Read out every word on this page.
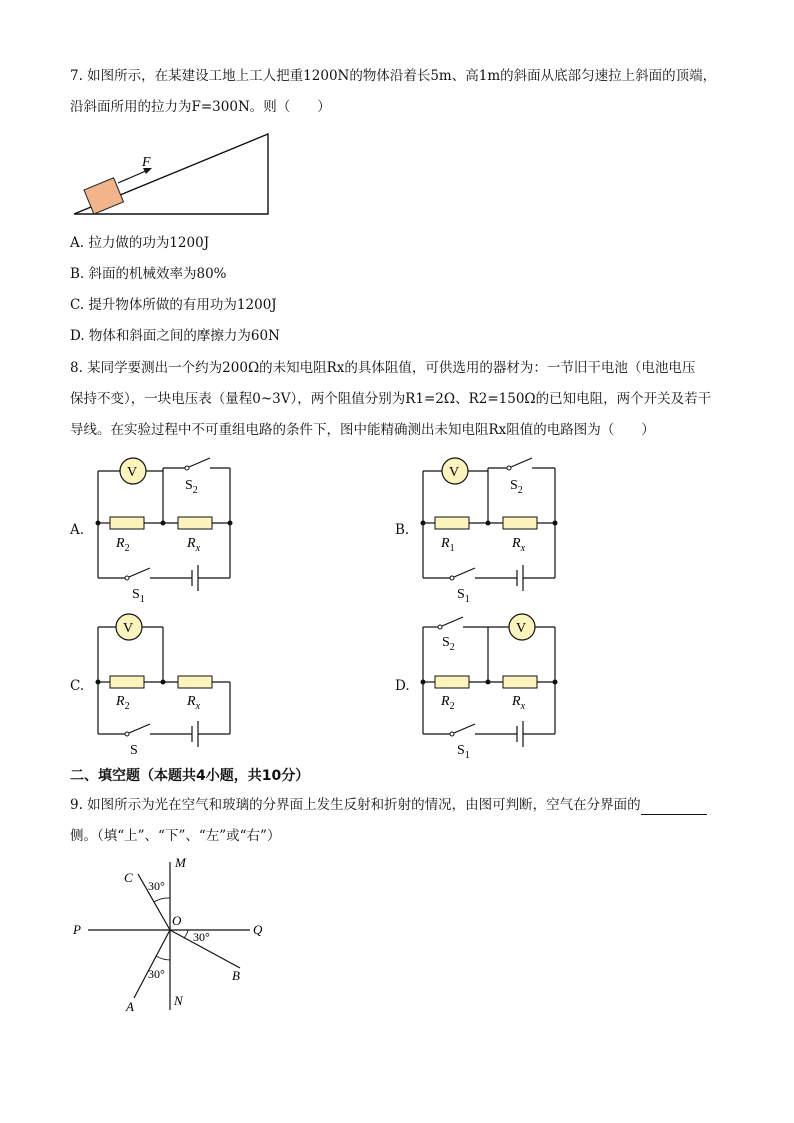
7. 如图所示，在某建设工地上工人把重1200N的物体沿着长5m、高1m的斜面从底部匀速拉上斜面的顶端，
沿斜面所用的拉力为F=300N。则（　　）
F
A. 拉力做的功为1200J
B. 斜面的机械效率为80%
C. 提升物体所做的有用功为1200J
D. 物体和斜面之间的摩擦力为60N
8. 某同学要测出一个约为200Ω的未知电阻Rx的具体阻值，可供选用的器材为：一节旧干电池（电池电压
保持不变），一块电压表（量程0~3V），两个阻值分别为R1=2Ω、R2=150Ω的已知电阻，两个开关及若干
导线。在实验过程中不可重组电路的条件下，图中能精确测出未知电阻Rx阻值的电路图为（　　）
A.
V
$S_2$
$R_2$	$R_x$
$S_1$
B.
V
$S_2$
$R_1$	$R_x$
$S_1$
C.
V
$R_2$	$R_x$
S
D.
$S_2$
V
$R_2$	$R_x$
$S_1$
二、填空题（本题共4小题，共10分）
9. 如图所示为光在空气和玻璃的分界面上发生反射和折射的情况，由图可判断，空气在分界面的
侧。（填“上”、“下”、“左”或“右”）
M
C
30°
O
P	Q
30°
30°	B
N
A
